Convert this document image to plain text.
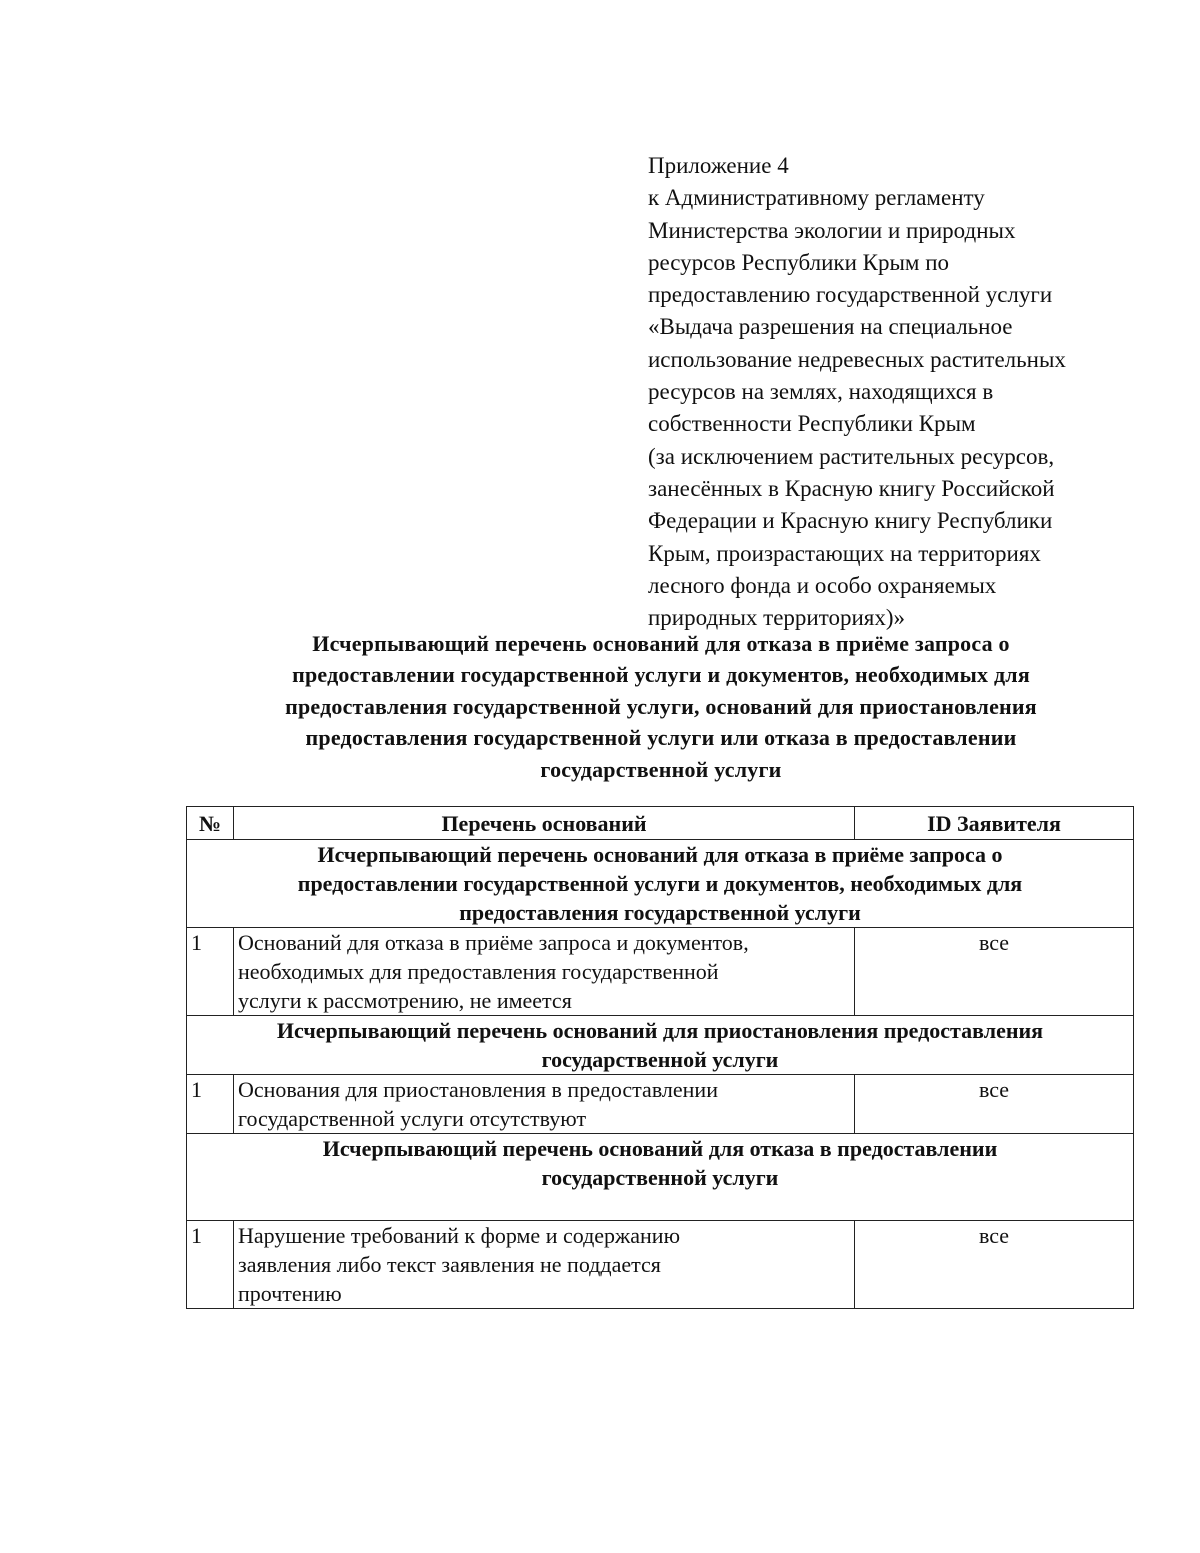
Приложение 4
к Административному регламенту
Министерства экологии и природных
ресурсов Республики Крым по
предоставлению государственной услуги
«Выдача разрешения на специальное
использование недревесных растительных
ресурсов на землях, находящихся в
собственности Республики Крым
(за исключением растительных ресурсов,
занесённых в Красную книгу Российской
Федерации и Красную книгу Республики
Крым, произрастающих на территориях
лесного фонда и особо охраняемых
природных территориях)»
Исчерпывающий перечень оснований для отказа в приёме запроса о
предоставлении государственной услуги и документов, необходимых для
предоставления государственной услуги, оснований для приостановления
предоставления государственной услуги или отказа в предоставлении
государственной услуги
№	Перечень оснований	ID Заявителя

Исчерпывающий перечень оснований для отказа в приёме запроса о
предоставлении государственной услуги и документов, необходимых для
предоставления государственной услуги		

1	Оснований для отказа в приёме запроса и документов,
необходимых для предоставления государственной
услуги к рассмотрению, не имеется	все

Исчерпывающий перечень оснований для приостановления предоставления
государственной услуги		

1	Основания для приостановления в предоставлении
государственной услуги отсутствуют	все

Исчерпывающий перечень оснований для отказа в предоставлении
государственной услуги		

1	Нарушение требований к форме и содержанию
заявления либо текст заявления не поддается
прочтению	все
